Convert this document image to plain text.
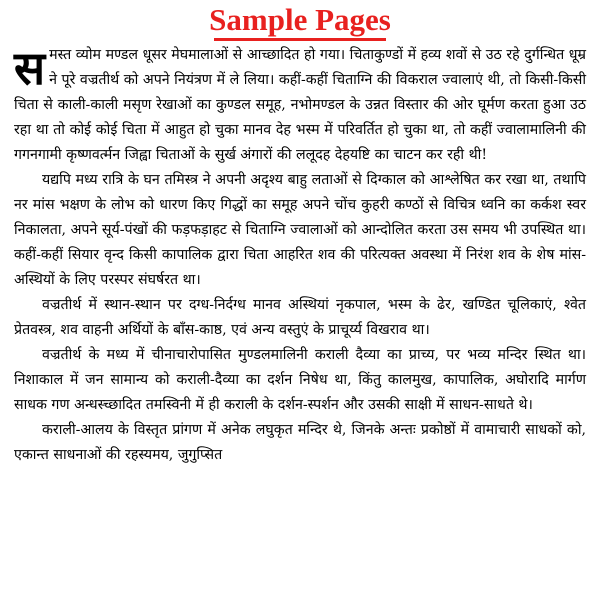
Sample Pages

समस्त व्योम मण्डल धूसर मेघमालाओं से आच्छादित हो गया। चिताकुण्डों में हव्य शवों से उठ रहे दुर्गन्धित धूम्र ने पूरे वज्रतीर्थ को अपने नियंत्रण में ले लिया। कहीं-कहीं चिताग्नि की विकराल ज्वालाएं थी, तो किसी-किसी चिता से काली-काली मसृण रेखाओं का कुण्डल समूह, नभोमण्डल के उन्नत विस्तार की ओर घूर्मण करता हुआ उठ रहा था तो कोई कोई चिता में आहुत हो चुका मानव देह भस्म में परिवर्तित हो चुका था, तो कहीं ज्वालामालिनी की गगनगामी कृष्णवर्त्मन जिह्वा चिताओं के सुर्ख अंगारों की ललूदह देहयष्टि का चाटन कर रही थी!

यद्यपि मध्य रात्रि के घन तमिस्त्र ने अपनी अदृश्य बाहु लताओं से दिग्काल को आश्लेषित कर रखा था, तथापि नर मांस भक्षण के लोभ को धारण किए गिद्धों का समूह अपने चोंच कुहरी कण्ठों से विचित्र ध्वनि का कर्कश स्वर निकालता, अपने सूर्य-पंखों की फड़फड़ाहट से चिताग्नि ज्वालाओं को आन्दोलित करता उस समय भी उपस्थित था। कहीं-कहीं सियार वृन्द किसी कापालिक द्वारा चिता आहरित शव की परित्यक्त अवस्था में निरंश शव के शेष मांस-अस्थियों के लिए परस्पर संघर्षरत था।

वज्रतीर्थ में स्थान-स्थान पर दग्ध-निर्दग्ध मानव अस्थियां नृकपाल, भस्म के ढेर, खण्डित चूलिकाएं, श्वेत प्रेतवस्त्र, शव वाहनी अर्थियों के बाँस-काष्ठ, एवं अन्य वस्तुएं के प्राचूर्य्य विखराव था।

वज्रतीर्थ के मध्य में चीनाचारोपासित मुण्डलमालिनी कराली दैव्या का प्राच्य, पर भव्य मन्दिर स्थित था। निशाकाल में जन सामान्य को कराली-दैव्या का दर्शन निषेध था, किंतु कालमुख, कापालिक, अघोरादि मार्गण साधक गण अन्धस्च्छादित तमस्विनी में ही कराली के दर्शन-स्पर्शन और उसकी साक्षी में साधन-साधते थे।

कराली-आलय के विस्तृत प्रांगण में अनेक लघुकृत मन्दिर थे, जिनके अन्तः प्रकोष्ठों में वामाचारी साधकों को, एकान्त साधनाओं की रहस्यमय, जुगुप्सित
